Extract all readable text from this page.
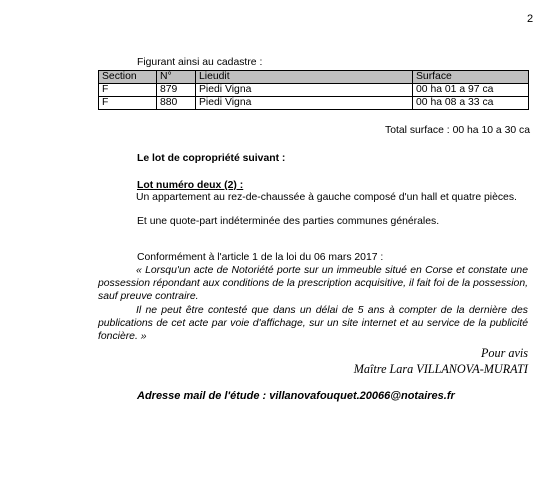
2
Figurant ainsi au cadastre :
Section	N°	Lieudit	Surface
F	879	Piedi Vigna	00 ha 01 a 97 ca
F	880	Piedi Vigna	00 ha 08 a 33 ca
Total surface : 00 ha 10 a 30 ca
Le lot de copropriété suivant :
Lot numéro deux (2) :

Un appartement au rez-de-chaussée à gauche composé d'un hall et quatre pièces.

Et une quote-part indéterminée des parties communes générales.
Conformément à l'article 1 de la loi du 06 mars 2017 :

« Lorsqu'un acte de Notoriété porte sur un immeuble situé en Corse et constate une possession répondant aux conditions de la prescription acquisitive, il fait foi de la possession, sauf preuve contraire.

Il ne peut être contesté que dans un délai de 5 ans à compter de la dernière des publications de cet acte par voie d'affichage, sur un site internet et au service de la publicité foncière. »

Pour avis
Maître Lara VILLANOVA-MURATI
Adresse mail de l'étude : villanovafouquet.20066@notaires.fr
